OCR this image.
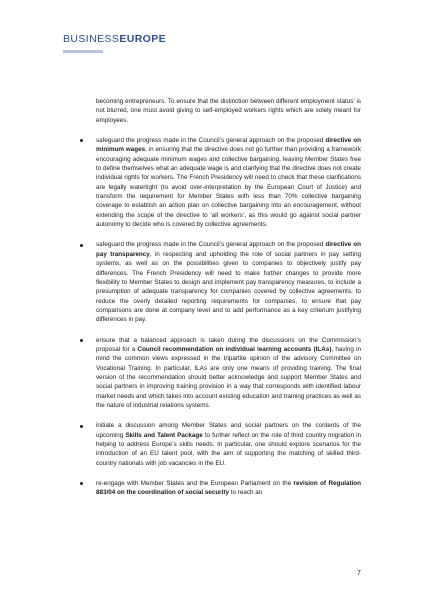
BUSINESSEUROPE

becoming entrepreneurs. To ensure that the distinction between different employment status’ is not blurred, one must avoid giving to self-employed workers rights which are solely meant for employees.

safeguard the progress made in the Council’s general approach on the proposed directive on minimum wages, in ensuring that the directive does not go further than providing a framework encouraging adequate minimum wages and collective bargaining, leaving Member States free to define themselves what an adequate wage is and clarifying that the directive does not create individual rights for workers. The French Presidency will need to check that these clarifications are legally watertight (to avoid over-interpretation by the European Court of Justice) and transform the requirement for Member States with less than 70% collective bargaining coverage to establish an action plan on collective bargaining into an encouragement, without extending the scope of the directive to ‘all workers’, as this would go against social partner autonomy to decide who is covered by collective agreements.
safeguard the progress made in the Council’s general approach on the proposed directive on pay transparency, in respecting and upholding the role of social partners in pay setting systems, as well as on the possibilities given to companies to objectively justify pay differences. The French Presidency will need to make further changes to provide more flexibility to Member States to design and implement pay transparency measures, to include a presumption of adequate transparency for companies covered by collective agreements, to reduce the overly detailed reporting requirements for companies, to ensure that pay comparisons are done at company level and to add performance as a key criterium justifying differences in pay.
ensure that a balanced approach is taken during the discussions on the Commission’s proposal for a Council recommendation on individual learning accounts (ILAs), having in mind the common views expressed in the tripartite opinion of the advisory Committee on Vocational Training. In particular, ILAs are only one means of providing training. The final version of the recommendation should better acknowledge and support Member States and social partners in improving training provision in a way that corresponds with identified labour market needs and which takes into account existing education and training practices as well as the nature of industrial relations systems.
initiate a discussion among Member States and social partners on the contents of the upcoming Skills and Talent Package to further reflect on the role of third country migration in helping to address Europe’s skills needs. In particular, one should explore scenarios for the introduction of an EU talent pool, with the aim of supporting the matching of skilled third-country nationals with job vacancies in the EU.
re-engage with Member States and the European Parliament on the revision of Regulation 883/04 on the coordination of social security to reach an
7
